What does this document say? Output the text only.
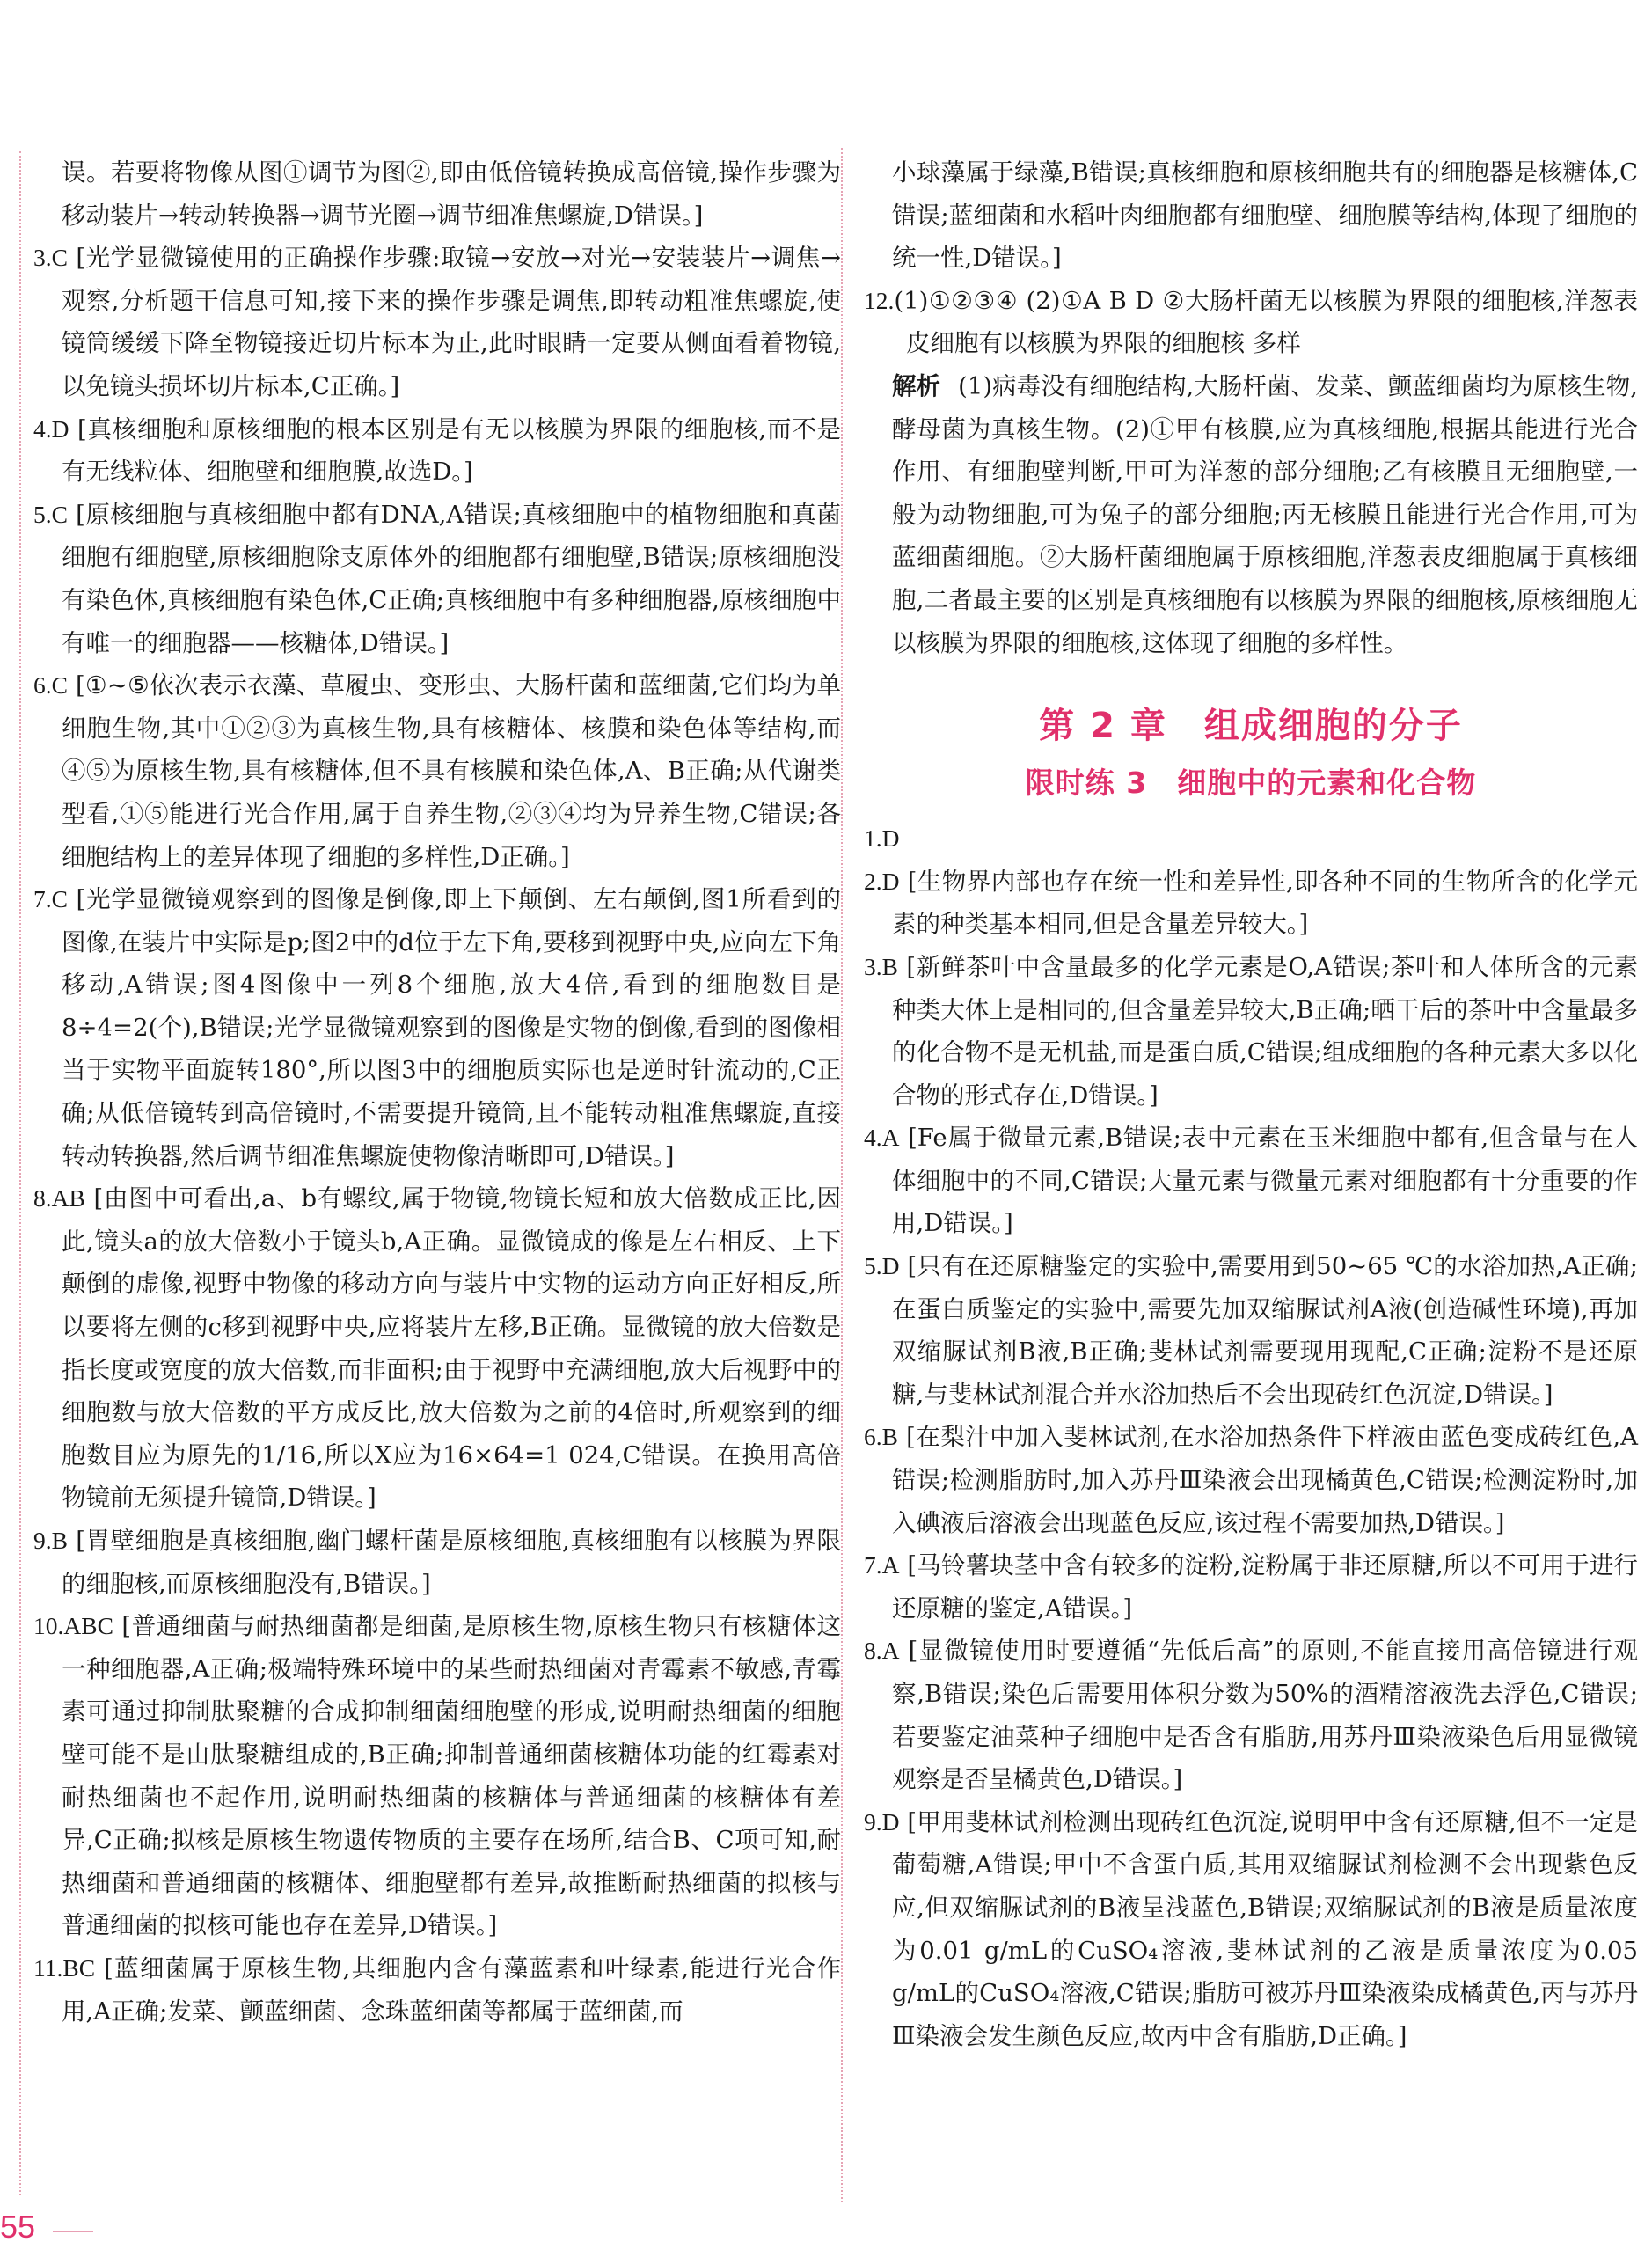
误。若要将物像从图①调节为图②,即由低倍镜转换成高倍镜,操作步骤为移动装片→转动转换器→调节光圈→调节细准焦螺旋,D错误。]

3.C [光学显微镜使用的正确操作步骤:取镜→安放→对光→安装装片→调焦→观察,分析题干信息可知,接下来的操作步骤是调焦,即转动粗准焦螺旋,使镜筒缓缓下降至物镜接近切片标本为止,此时眼睛一定要从侧面看着物镜,以免镜头损坏切片标本,C正确。]

4.D [真核细胞和原核细胞的根本区别是有无以核膜为界限的细胞核,而不是有无线粒体、细胞壁和细胞膜,故选D。]

5.C [原核细胞与真核细胞中都有DNA,A错误;真核细胞中的植物细胞和真菌细胞有细胞壁,原核细胞除支原体外的细胞都有细胞壁,B错误;原核细胞没有染色体,真核细胞有染色体,C正确;真核细胞中有多种细胞器,原核细胞中有唯一的细胞器——核糖体,D错误。]

6.C [①~⑤依次表示衣藻、草履虫、变形虫、大肠杆菌和蓝细菌,它们均为单细胞生物,其中①②③为真核生物,具有核糖体、核膜和染色体等结构,而④⑤为原核生物,具有核糖体,但不具有核膜和染色体,A、B正确;从代谢类型看,①⑤能进行光合作用,属于自养生物,②③④均为异养生物,C错误;各细胞结构上的差异体现了细胞的多样性,D正确。]

7.C [光学显微镜观察到的图像是倒像,即上下颠倒、左右颠倒,图1所看到的图像,在装片中实际是p;图2中的d位于左下角,要移到视野中央,应向左下角移动,A错误;图4图像中一列8个细胞,放大4倍,看到的细胞数目是8÷4=2(个),B错误;光学显微镜观察到的图像是实物的倒像,看到的图像相当于实物平面旋转180°,所以图3中的细胞质实际也是逆时针流动的,C正确;从低倍镜转到高倍镜时,不需要提升镜筒,且不能转动粗准焦螺旋,直接转动转换器,然后调节细准焦螺旋使物像清晰即可,D错误。]

8.AB [由图中可看出,a、b有螺纹,属于物镜,物镜长短和放大倍数成正比,因此,镜头a的放大倍数小于镜头b,A正确。显微镜成的像是左右相反、上下颠倒的虚像,视野中物像的移动方向与装片中实物的运动方向正好相反,所以要将左侧的c移到视野中央,应将装片左移,B正确。显微镜的放大倍数是指长度或宽度的放大倍数,而非面积;由于视野中充满细胞,放大后视野中的细胞数与放大倍数的平方成反比,放大倍数为之前的4倍时,所观察到的细胞数目应为原先的1/16,所以X应为16×64=1 024,C错误。在换用高倍物镜前无须提升镜筒,D错误。]

9.B [胃壁细胞是真核细胞,幽门螺杆菌是原核细胞,真核细胞有以核膜为界限的细胞核,而原核细胞没有,B错误。]

10.ABC [普通细菌与耐热细菌都是细菌,是原核生物,原核生物只有核糖体这一种细胞器,A正确;极端特殊环境中的某些耐热细菌对青霉素不敏感,青霉素可通过抑制肽聚糖的合成抑制细菌细胞壁的形成,说明耐热细菌的细胞壁可能不是由肽聚糖组成的,B正确;抑制普通细菌核糖体功能的红霉素对耐热细菌也不起作用,说明耐热细菌的核糖体与普通细菌的核糖体有差异,C正确;拟核是原核生物遗传物质的主要存在场所,结合B、C项可知,耐热细菌和普通细菌的核糖体、细胞壁都有差异,故推断耐热细菌的拟核与普通细菌的拟核可能也存在差异,D错误。]

11.BC [蓝细菌属于原核生物,其细胞内含有藻蓝素和叶绿素,能进行光合作用,A正确;发菜、颤蓝细菌、念珠蓝细菌等都属于蓝细菌,而

小球藻属于绿藻,B错误;真核细胞和原核细胞共有的细胞器是核糖体,C错误;蓝细菌和水稻叶肉细胞都有细胞壁、细胞膜等结构,体现了细胞的统一性,D错误。]

12.(1)①②③④ (2)①A B D ②大肠杆菌无以核膜为界限的细胞核,洋葱表皮细胞有以核膜为界限的细胞核 多样

解析 (1)病毒没有细胞结构,大肠杆菌、发菜、颤蓝细菌均为原核生物,酵母菌为真核生物。(2)①甲有核膜,应为真核细胞,根据其能进行光合作用、有细胞壁判断,甲可为洋葱的部分细胞;乙有核膜且无细胞壁,一般为动物细胞,可为兔子的部分细胞;丙无核膜且能进行光合作用,可为蓝细菌细胞。②大肠杆菌细胞属于原核细胞,洋葱表皮细胞属于真核细胞,二者最主要的区别是真核细胞有以核膜为界限的细胞核,原核细胞无以核膜为界限的细胞核,这体现了细胞的多样性。

第 2 章　组成细胞的分子
限时练 3　细胞中的元素和化合物

1.D

2.D [生物界内部也存在统一性和差异性,即各种不同的生物所含的化学元素的种类基本相同,但是含量差异较大。]

3.B [新鲜茶叶中含量最多的化学元素是O,A错误;茶叶和人体所含的元素种类大体上是相同的,但含量差异较大,B正确;晒干后的茶叶中含量最多的化合物不是无机盐,而是蛋白质,C错误;组成细胞的各种元素大多以化合物的形式存在,D错误。]

4.A [Fe属于微量元素,B错误;表中元素在玉米细胞中都有,但含量与在人体细胞中的不同,C错误;大量元素与微量元素对细胞都有十分重要的作用,D错误。]

5.D [只有在还原糖鉴定的实验中,需要用到50~65 ℃的水浴加热,A正确;在蛋白质鉴定的实验中,需要先加双缩脲试剂A液(创造碱性环境),再加双缩脲试剂B液,B正确;斐林试剂需要现用现配,C正确;淀粉不是还原糖,与斐林试剂混合并水浴加热后不会出现砖红色沉淀,D错误。]

6.B [在梨汁中加入斐林试剂,在水浴加热条件下样液由蓝色变成砖红色,A错误;检测脂肪时,加入苏丹Ⅲ染液会出现橘黄色,C错误;检测淀粉时,加入碘液后溶液会出现蓝色反应,该过程不需要加热,D错误。]

7.A [马铃薯块茎中含有较多的淀粉,淀粉属于非还原糖,所以不可用于进行还原糖的鉴定,A错误。]

8.A [显微镜使用时要遵循“先低后高”的原则,不能直接用高倍镜进行观察,B错误;染色后需要用体积分数为50%的酒精溶液洗去浮色,C错误;若要鉴定油菜种子细胞中是否含有脂肪,用苏丹Ⅲ染液染色后用显微镜观察是否呈橘黄色,D错误。]

9.D [甲用斐林试剂检测出现砖红色沉淀,说明甲中含有还原糖,但不一定是葡萄糖,A错误;甲中不含蛋白质,其用双缩脲试剂检测不会出现紫色反应,但双缩脲试剂的B液呈浅蓝色,B错误;双缩脲试剂的B液是质量浓度为0.01 g/mL的CuSO₄溶液,斐林试剂的乙液是质量浓度为0.05 g/mL的CuSO₄溶液,C错误;脂肪可被苏丹Ⅲ染液染成橘黄色,丙与苏丹Ⅲ染液会发生颜色反应,故丙中含有脂肪,D正确。]

55
